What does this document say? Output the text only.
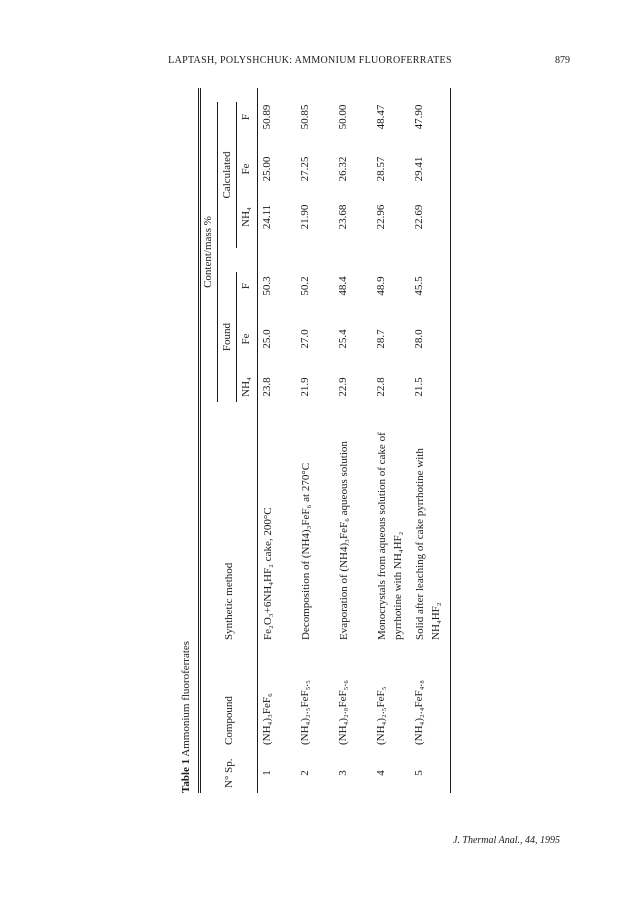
LAPTASH, POLYSHCHUK: AMMONIUM FLUOROFERRATES	879
Table 1 Ammonium fluoroferrates
N° Sp.
Compound
Synthetic method
Content/mass %
Found
Calculated
NH₄
Fe
F
NH₄
Fe
F
1
(NH₄)₃FeF₆
Fe₂O₃+6NH₄HF₂ cake, 200°C
23.8
25.0
50.3
24.11
25.00
50.89
2
(NH₄)₂.₅FeF₅.₅
Decomposition of (NH4)₃FeF₆ at 270°C
21.9
27.0
50.2
21.90
27.25
50.85
3
(NH₄)₂.₈FeF₅.₆
Evaporation of (NH4)₃FeF₆ aqueous solution
22.9
25.4
48.4
23.68
26.32
50.00
4
(NH₄)₂.₅FeF₅
Monocrystals from aqueous solution of cake of pyrrhotine with NH₄HF₂
22.8
28.7
48.9
22.96
28.57
48.47
5
(NH₄)₂.₄FeF₄.₈
Solid after leaching of cake pyrrhotine with NH₄HF₂
21.5
28.0
45.5
22.69
29.41
47.90
J. Thermal Anal., 44, 1995
